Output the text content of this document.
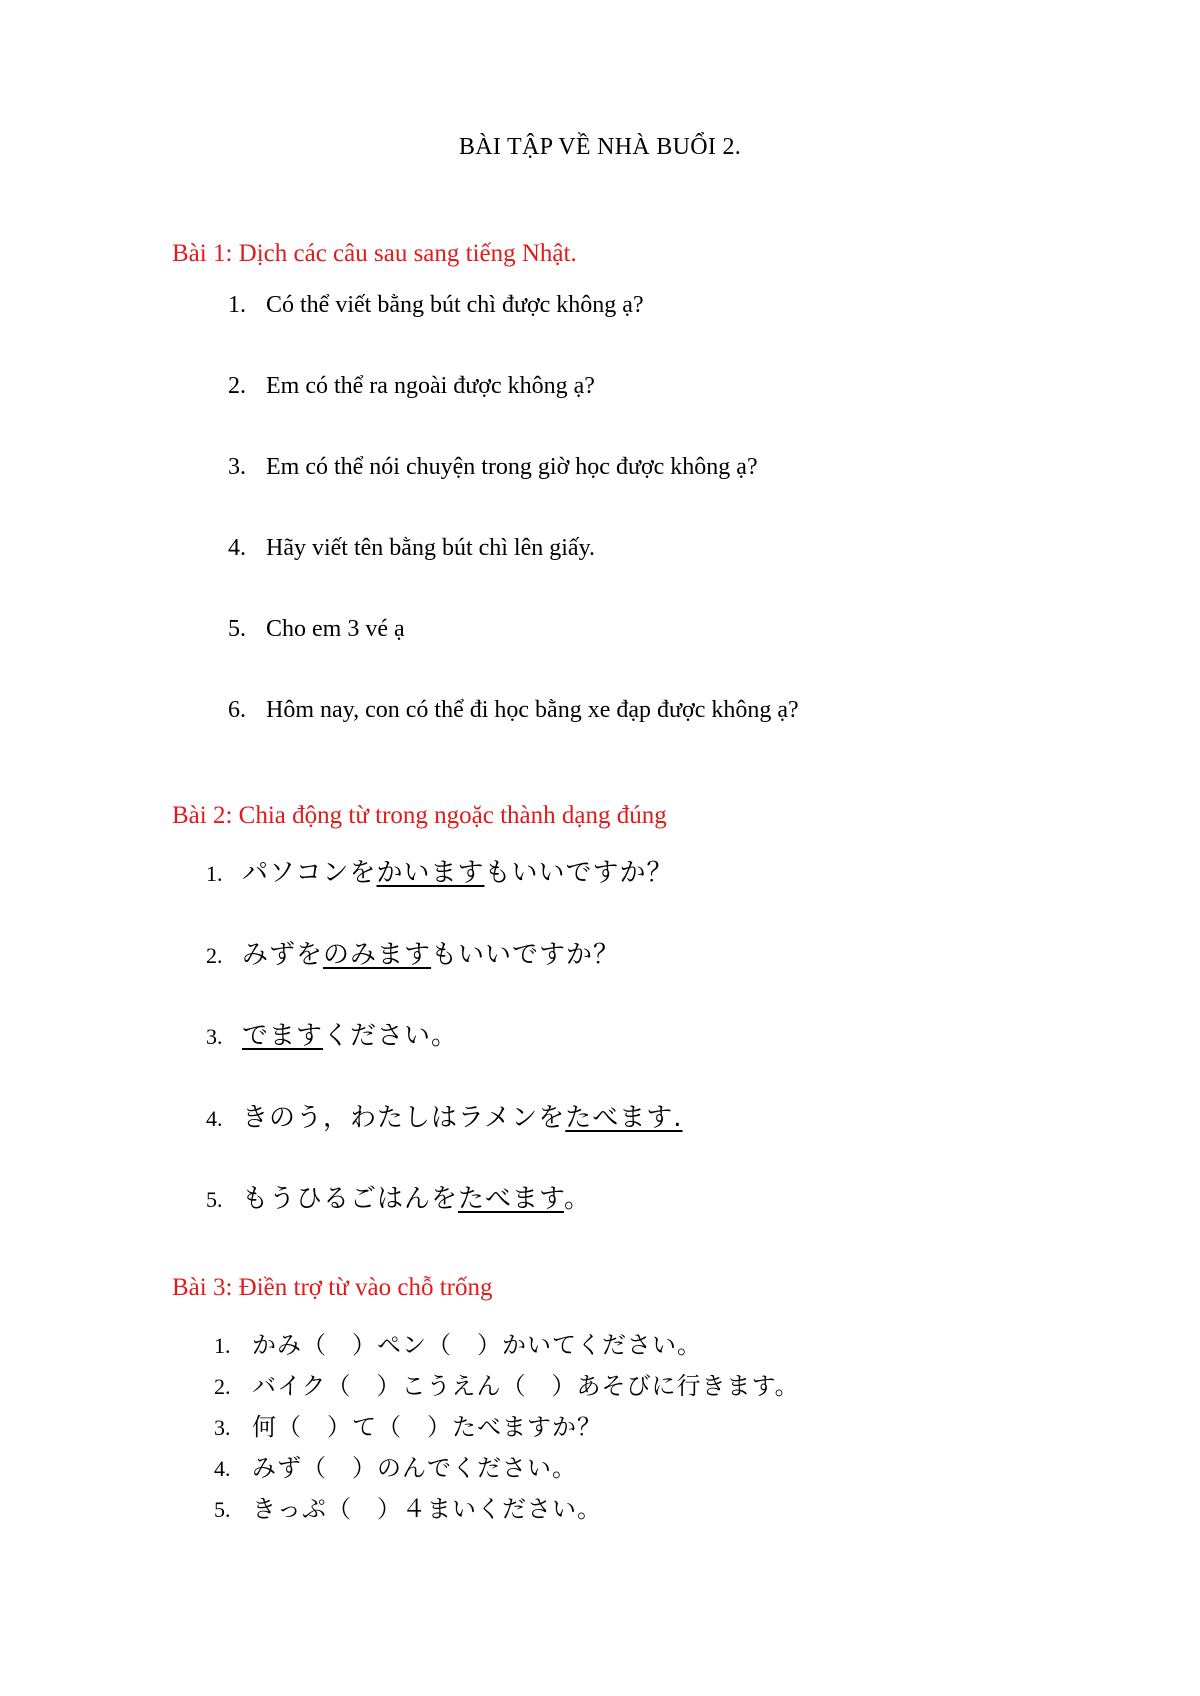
BÀI TẬP VỀ NHÀ BUỔI 2.
Bài 1: Dịch các câu sau sang tiếng Nhật.
1. Có thể viết bằng bút chì được không ạ?
2. Em có thể ra ngoài được không ạ?
3. Em có thể nói chuyện trong giờ học được không ạ?
4. Hãy viết tên bằng bút chì lên giấy.
5. Cho em 3 vé ạ
6. Hôm nay, con có thể đi học bằng xe đạp được không ạ?
Bài 2: Chia động từ trong ngoặc thành dạng đúng
1. パソコンをかいますもいいですか？
2. みずをのみますもいいですか？
3. でますください。
4. きのう，わたしはラメンをたべます.
5. もうひるごはんをたべます。
Bài 3: Điền trợ từ vào chỗ trống
1. かみ（　）ペン（　）かいてください。
2. バイク（　）こうえん（　）あそびに行きます。
3. 何（　）て（　）たべますか？
4. みず（　）のんでください。
5. きっぷ（　）４まいください。
